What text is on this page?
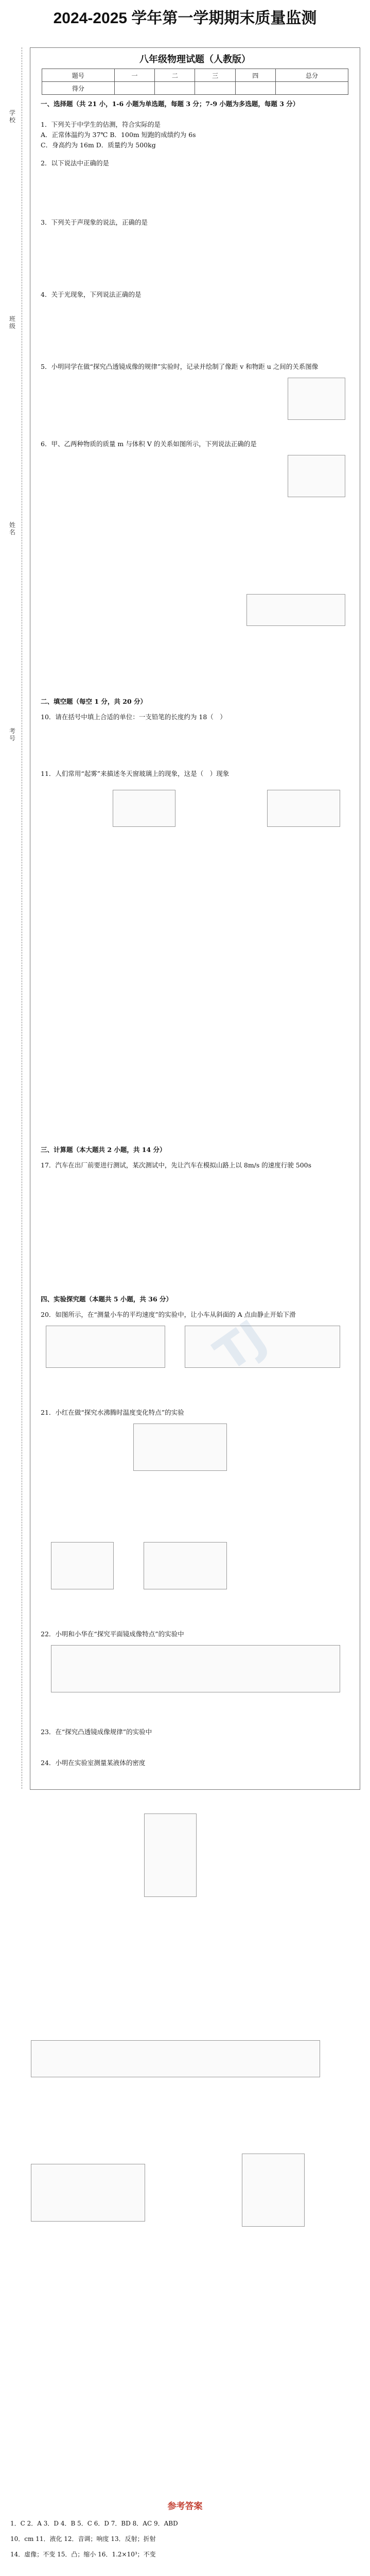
2024-2025 学年第一学期期末质量监测
学校
班级
姓名
考号
八年级物理试题（人教版）
题号	一	二	三	四	总分
得分					
一、选择题（共 21 小，1-6 小题为单选题，每题 3 分；7-9 小题为多选题，每题 3 分）
1．下列关于中学生的估测，符合实际的是
A．正常体温约为 37℃ B．100m 短跑的成绩约为 6s
C．身高约为 16m D．质量约为 500kg
2．以下说法中正确的是
3．下列关于声现象的说法，正确的是
4．关于光现象，下列说法正确的是
5．小明同学在做“探究凸透镜成像的规律”实验时，记录并绘制了像距 v 和物距 u 之间的关系图像
6．甲、乙两种物质的质量 m 与体积 V 的关系如图所示，下列说法正确的是
二、填空题（每空 1 分，共 20 分）
10．请在括号中填上合适的单位：一支铅笔的长度约为 18（　）
11．人们常用“起雾”来描述冬天窗玻璃上的现象，这是（　）现象
三、计算题（本大题共 2 小题，共 14 分）
17．汽车在出厂前要进行测试，某次测试中，先让汽车在模拟山路上以 8m/s 的速度行驶 500s
四、实验探究题（本题共 5 小题，共 36 分）
20．如图所示，在“测量小车的平均速度”的实验中，让小车从斜面的 A 点由静止开始下滑
21．小红在做“探究水沸腾时温度变化特点”的实验
22．小明和小华在“探究平面镜成像特点”的实验中
23．在“探究凸透镜成像规律”的实验中
24．小明在实验室测量某液体的密度
参考答案
1．C 2．A 3．D 4．B 5．C 6．D 7．BD 8．AC 9．ABD
10．cm 11．液化 12．音调；响度 13．反射；折射
14．虚像；不变 15．凸；缩小 16．1.2×10³；不变
TJ
